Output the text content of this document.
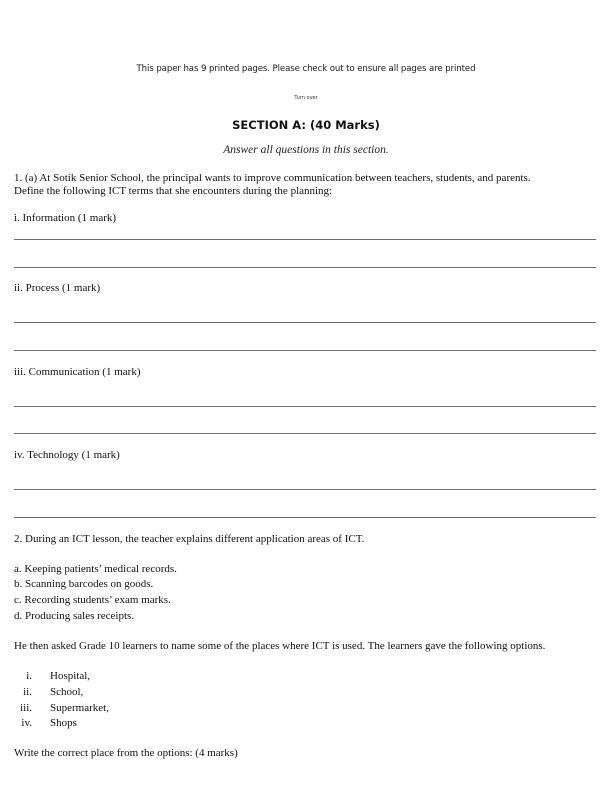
This paper has 9 printed pages. Please check out to ensure all pages are printed
Turn over
SECTION A: (40 Marks)
Answer all questions in this section.
1. (a) At Sotik Senior School, the principal wants to improve communication between teachers, students, and parents.
Define the following ICT terms that she encounters during the planning:
i. Information (1 mark)
ii. Process (1 mark)
iii. Communication (1 mark)
iv. Technology (1 mark)
2. During an ICT lesson, the teacher explains different application areas of ICT.
a. Keeping patients’ medical records.
b. Scanning barcodes on goods.
c. Recording students’ exam marks.
d. Producing sales receipts.
He then asked Grade 10 learners to name some of the places where ICT is used. The learners gave the following options.
i. Hospital,
ii. School,
iii. Supermarket,
iv. Shops
Write the correct place from the options: (4 marks)
